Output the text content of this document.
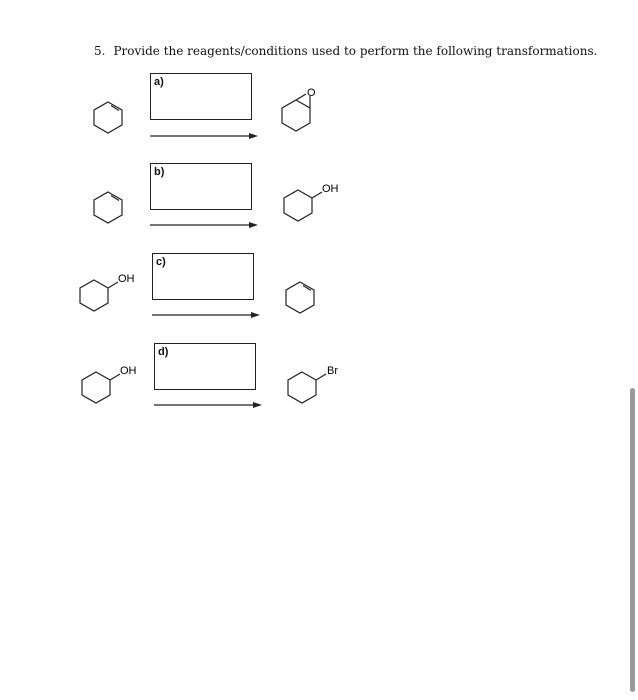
5. Provide the reagents/conditions used to perform the following transformations.
a)
O
b)
OH
OH
c)
OH
d)
Br
